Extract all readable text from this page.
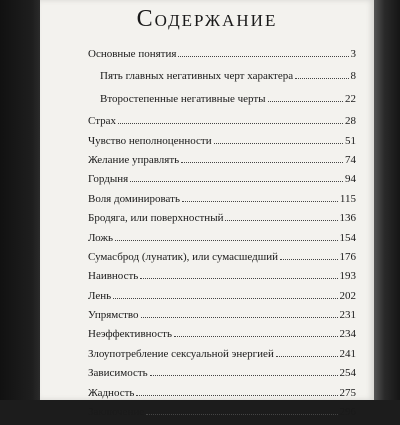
Содержание
Основные понятия	3
Пять главных негативных черт характера	8
Второстепенные негативные черты	22
Страх	28
Чувство неполноценности	51
Желание управлять	74
Гордыня	94
Воля доминировать	115
Бродяга, или поверхностный	136
Ложь	154
Сумасброд (лунатик), или сумасшедший	176
Наивность	193
Лень	202
Упрямство	231
Неэффективность	234
Злоупотребление сексуальной энергией	241
Зависимость	254
Жадность	275
Заключение	296
